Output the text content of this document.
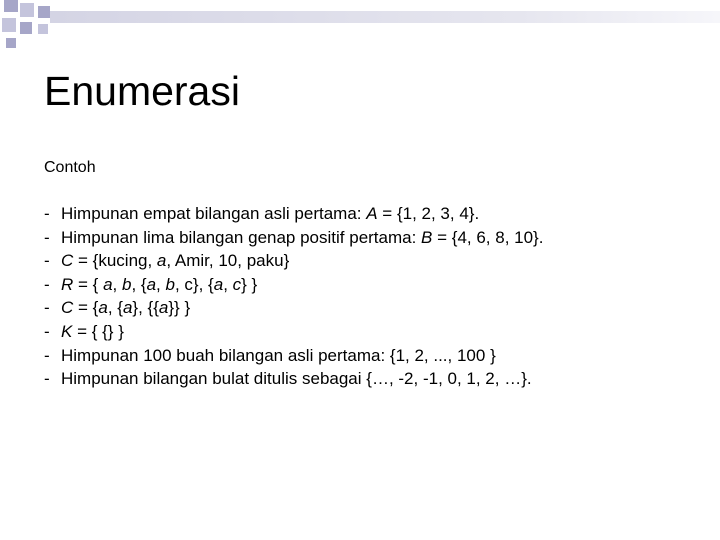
Enumerasi
Contoh
- Himpunan empat bilangan asli pertama: A = {1, 2, 3, 4}.
- Himpunan lima bilangan genap positif pertama: B = {4, 6, 8, 10}.
- C = {kucing, a, Amir, 10, paku}
- R = { a, b, {a, b, c}, {a, c} }
- C = {a, {a}, {{a}} }
- K = { {} }
- Himpunan 100 buah bilangan asli pertama: {1, 2, ..., 100 }
- Himpunan bilangan bulat ditulis sebagai {…, -2, -1, 0, 1, 2, …}.
